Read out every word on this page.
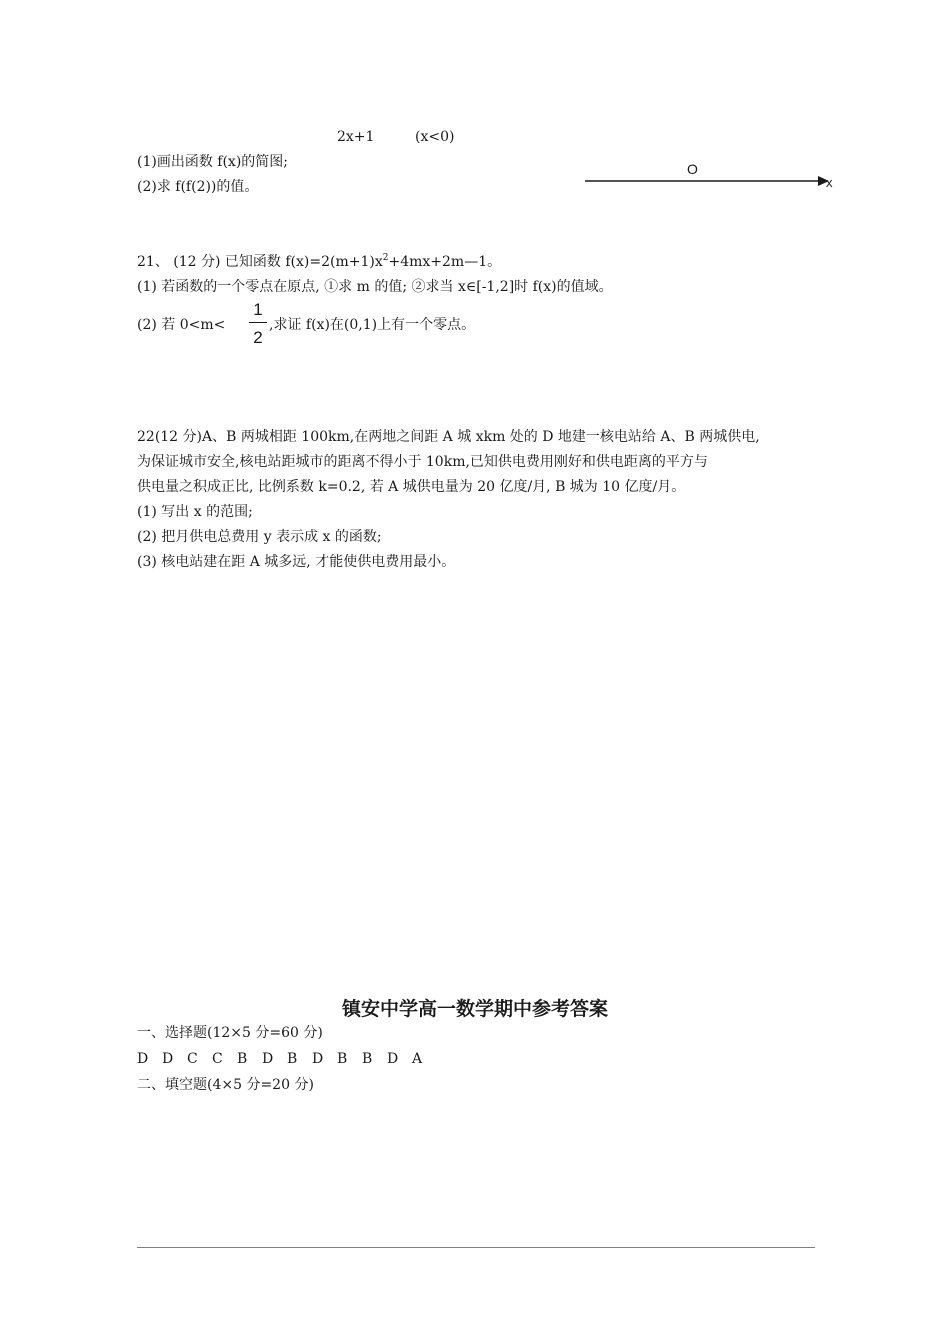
2x+1	(x<0)
(1)画出函数 f(x)的简图;
(2)求 f(f(2))的值。
O
x
21、 (12 分) 已知函数 $f(x)=2(m+1)x^2+4mx+2m—1$。
(1) 若函数的一个零点在原点, ①求 m 的值; ②求当 x∈[-1,2]时 f(x)的值域。
(2) 若 0<m<
1
2
,求证 f(x)在(0,1)上有一个零点。
22(12 分)A、B 两城相距 100km,在两地之间距 A 城 xkm 处的 D 地建一核电站给 A、B 两城供电,
为保证城市安全,核电站距城市的距离不得小于 10km,已知供电费用刚好和供电距离的平方与
供电量之积成正比, 比例系数 k=0.2, 若 A 城供电量为 20 亿度/月, B 城为 10 亿度/月。
(1) 写出 x 的范围;
(2) 把月供电总费用 y 表示成 x 的函数;
(3) 核电站建在距 A 城多远, 才能使供电费用最小。
镇安中学高一数学期中参考答案
一、选择题(12×5 分=60 分)
D D C C B D B D B B D A
二、填空题(4×5 分=20 分)
